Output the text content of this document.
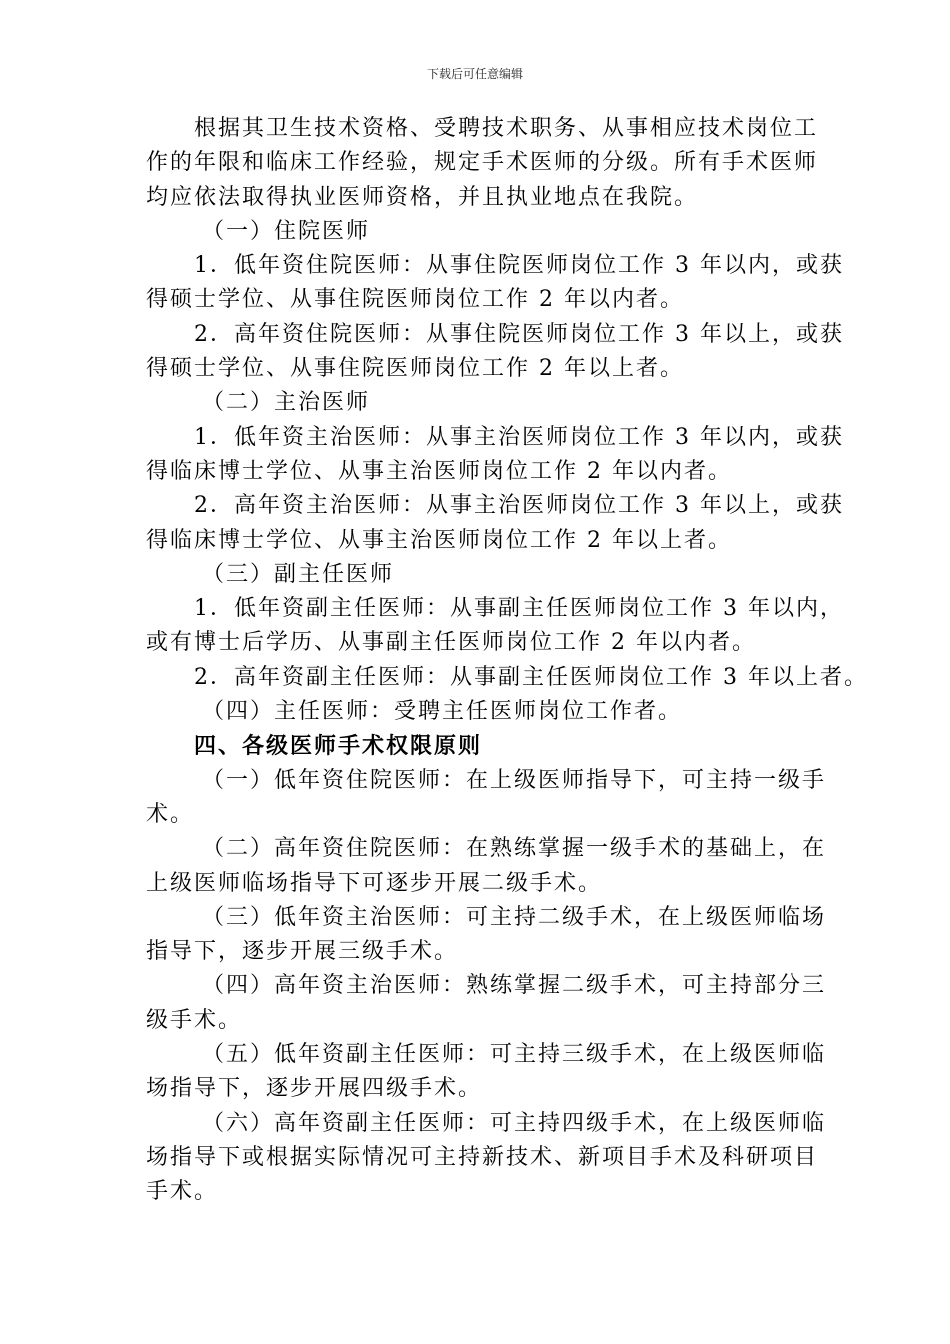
下载后可任意编辑
根据其卫生技术资格、受聘技术职务、从事相应技术岗位工
作的年限和临床工作经验，规定手术医师的分级。所有手术医师
均应依法取得执业医师资格，并且执业地点在我院。
（一）住院医师
1．低年资住院医师：从事住院医师岗位工作 3 年以内，或获
得硕士学位、从事住院医师岗位工作 2 年以内者。
2．高年资住院医师：从事住院医师岗位工作 3 年以上，或获
得硕士学位、从事住院医师岗位工作 2 年以上者。
（二）主治医师
1．低年资主治医师：从事主治医师岗位工作 3 年以内，或获
得临床博士学位、从事主治医师岗位工作 2 年以内者。
2．高年资主治医师：从事主治医师岗位工作 3 年以上，或获
得临床博士学位、从事主治医师岗位工作 2 年以上者。
（三）副主任医师
1．低年资副主任医师：从事副主任医师岗位工作 3 年以内，
或有博士后学历、从事副主任医师岗位工作 2 年以内者。
2．高年资副主任医师：从事副主任医师岗位工作 3 年以上者。
（四）主任医师：受聘主任医师岗位工作者。
四、各级医师手术权限原则
（一）低年资住院医师：在上级医师指导下，可主持一级手
术。
（二）高年资住院医师：在熟练掌握一级手术的基础上，在
上级医师临场指导下可逐步开展二级手术。
（三）低年资主治医师：可主持二级手术，在上级医师临场
指导下，逐步开展三级手术。
（四）高年资主治医师：熟练掌握二级手术，可主持部分三
级手术。
（五）低年资副主任医师：可主持三级手术，在上级医师临
场指导下，逐步开展四级手术。
（六）高年资副主任医师：可主持四级手术，在上级医师临
场指导下或根据实际情况可主持新技术、新项目手术及科研项目
手术。
